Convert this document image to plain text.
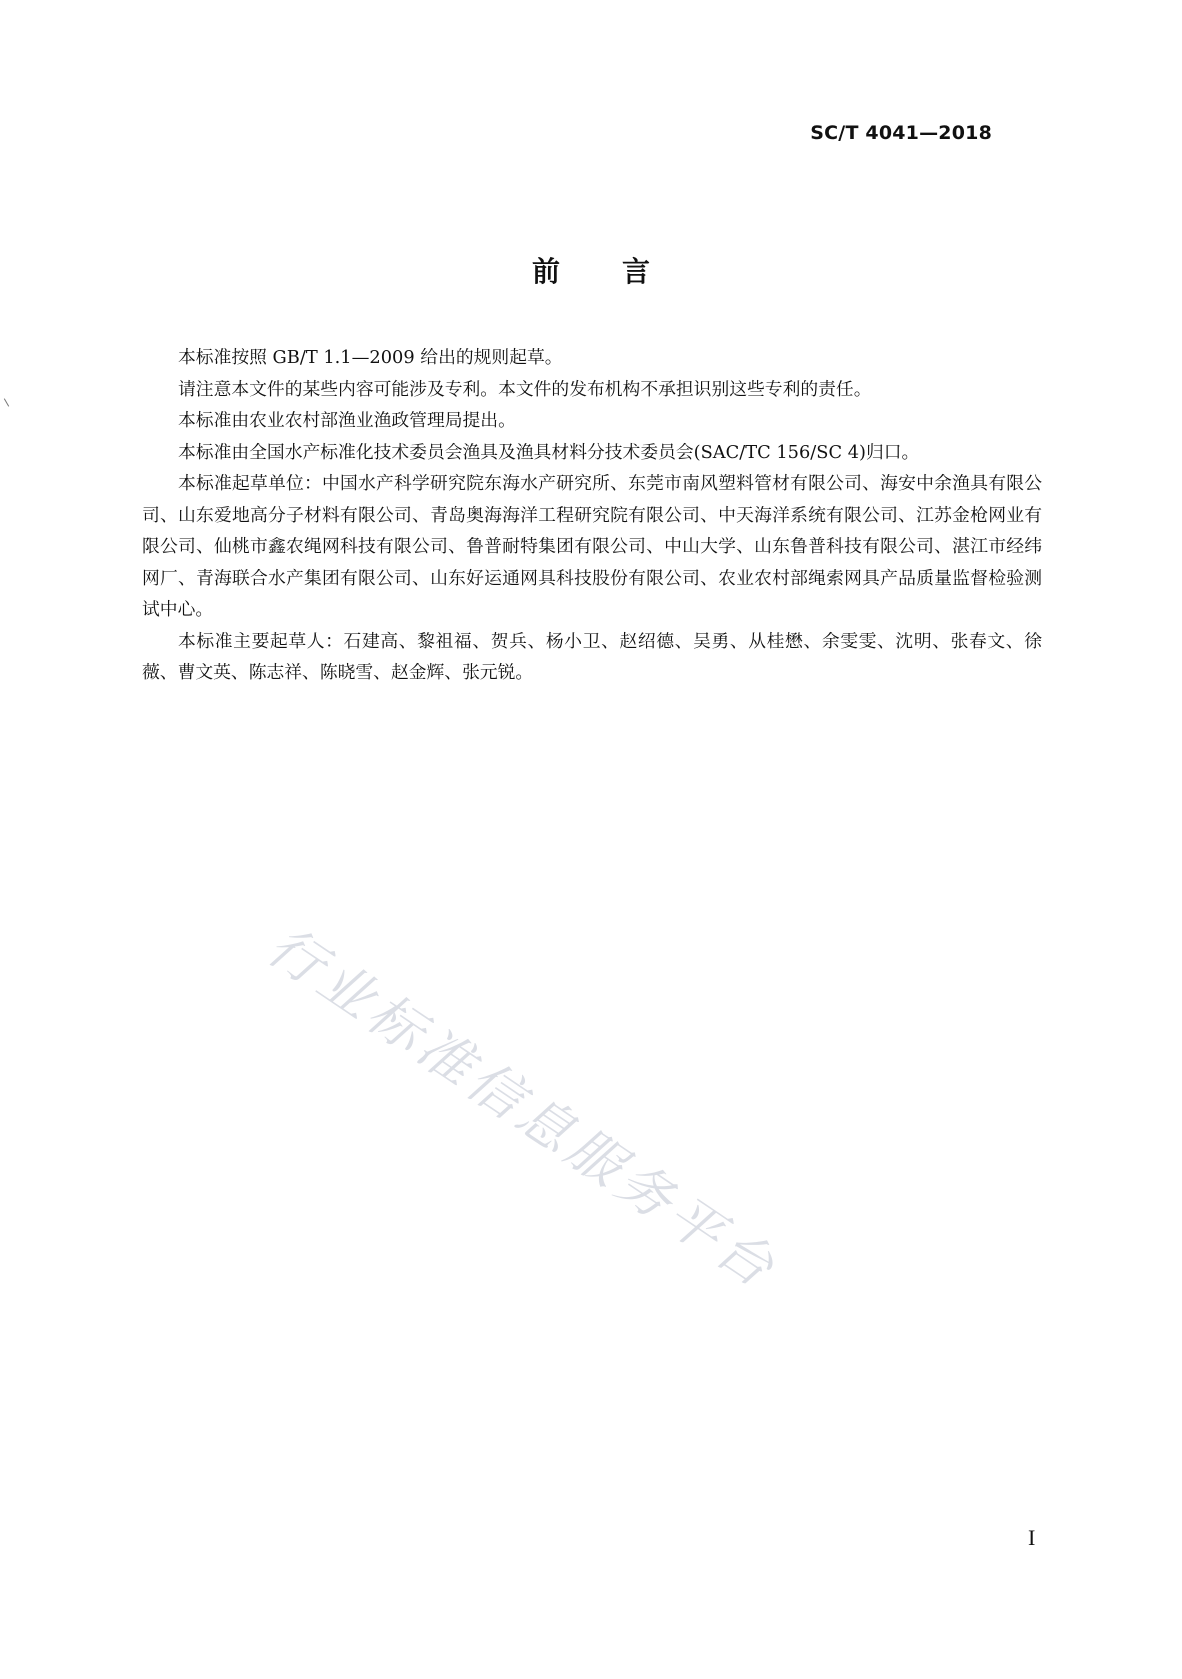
SC/T 4041—2018
前 言

本标准按照 GB/T 1.1—2009 给出的规则起草。

请注意本文件的某些内容可能涉及专利。本文件的发布机构不承担识别这些专利的责任。

本标准由农业农村部渔业渔政管理局提出。

本标准由全国水产标准化技术委员会渔具及渔具材料分技术委员会(SAC/TC 156/SC 4)归口。

本标准起草单位：中国水产科学研究院东海水产研究所、东莞市南风塑料管材有限公司、海安中余渔具有限公司、山东爱地高分子材料有限公司、青岛奥海海洋工程研究院有限公司、中天海洋系统有限公司、江苏金枪网业有限公司、仙桃市鑫农绳网科技有限公司、鲁普耐特集团有限公司、中山大学、山东鲁普科技有限公司、湛江市经纬网厂、青海联合水产集团有限公司、山东好运通网具科技股份有限公司、农业农村部绳索网具产品质量监督检验测试中心。

本标准主要起草人：石建高、黎祖福、贺兵、杨小卫、赵绍德、吴勇、从桂懋、余雯雯、沈明、张春文、徐薇、曹文英、陈志祥、陈晓雪、赵金辉、张元锐。

行业标准信息服务平台
I
